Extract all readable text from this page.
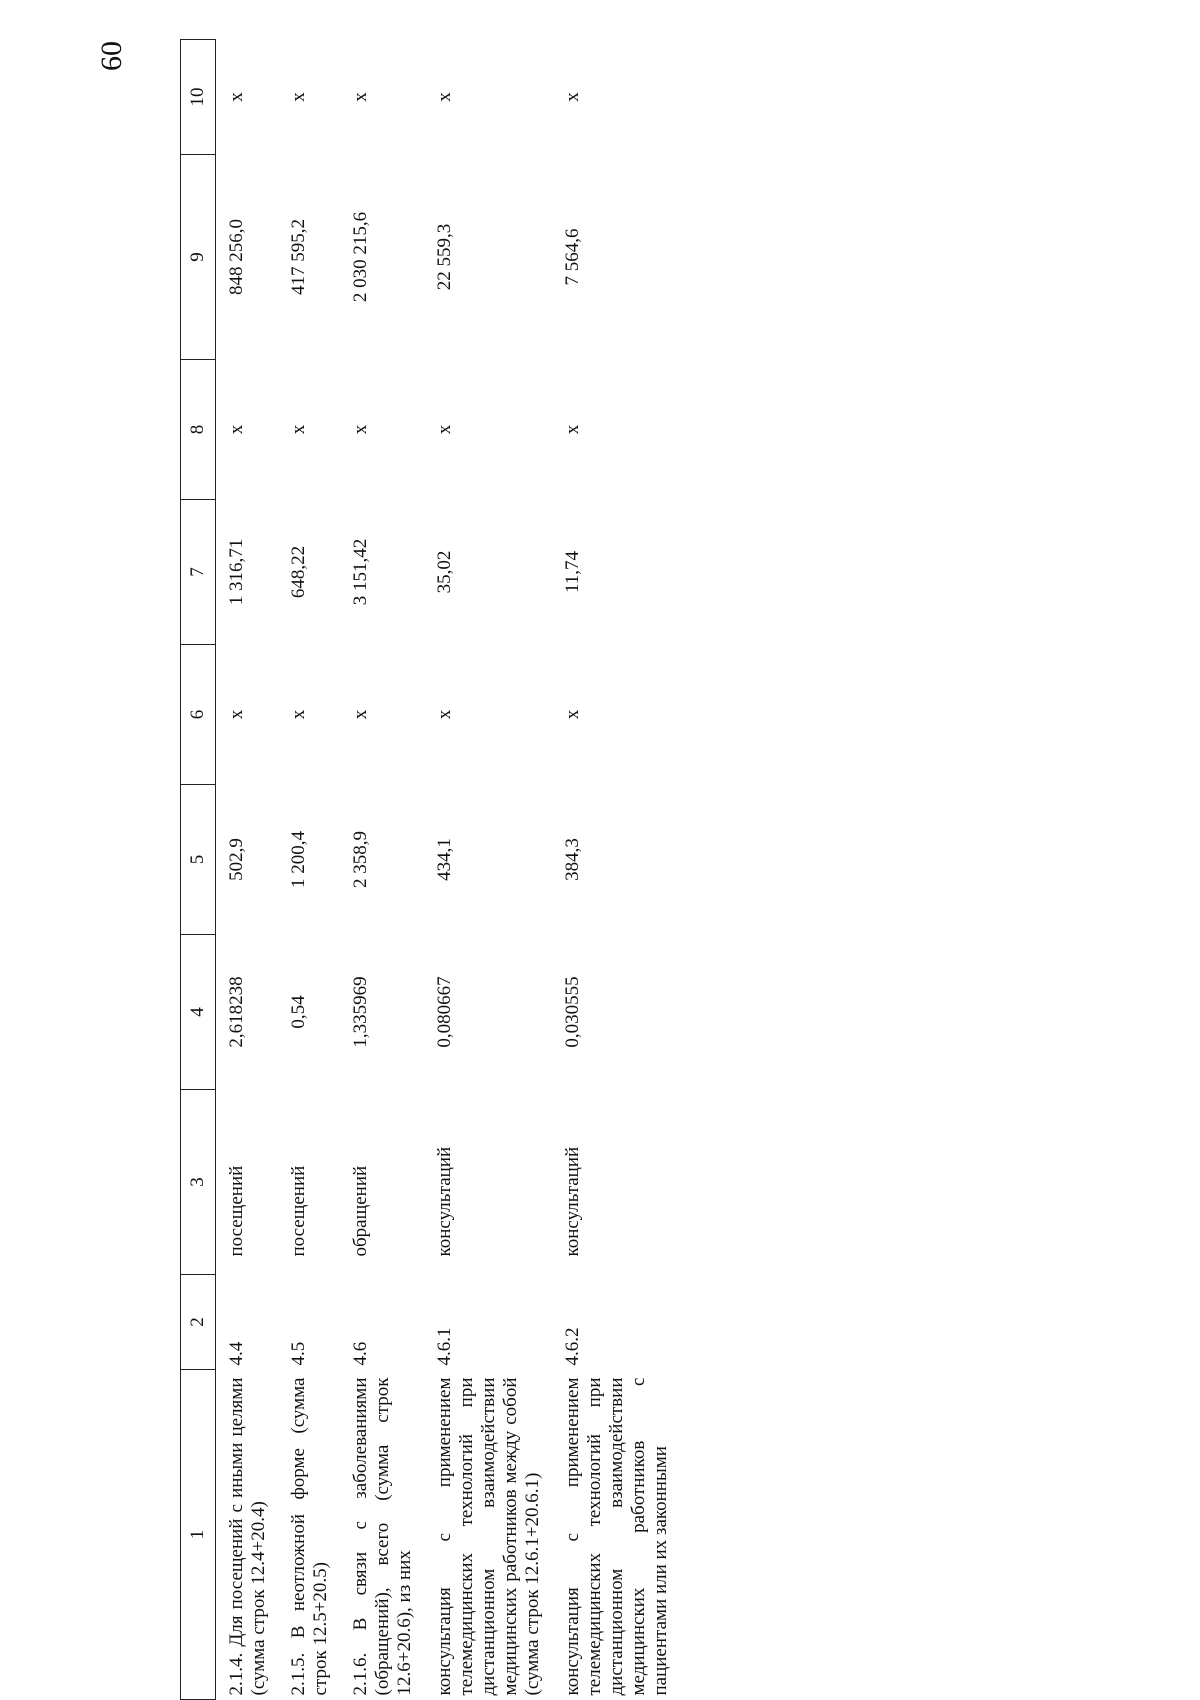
60
1	2	3	4	5	6	7	8	9	10
2.1.4. Для посещений с иными целями (сумма строк 12.4+20.4)	4.4	посещений	2,618238	502,9	х	1 316,71	х	848 256,0	х
2.1.5. В неотложной форме (сумма строк 12.5+20.5)	4.5	посещений	0,54	1 200,4	х	648,22	х	417 595,2	х
2.1.6. В связи с заболеваниями (обращений), всего (сумма строк 12.6+20.6), из них	4.6	обращений	1,335969	2 358,9	х	3 151,42	х	2 030 215,6	х
консультация с применением телемедицинских технологий при дистанционном взаимодействии медицинских работников между собой (сумма строк 12.6.1+20.6.1)	4.6.1	консультаций	0,080667	434,1	х	35,02	х	22 559,3	х
консультация с применением телемедицинских технологий при дистанционном взаимодействии медицинских работников с пациентами или их законными	4.6.2	консультаций	0,030555	384,3	х	11,74	х	7 564,6	х
